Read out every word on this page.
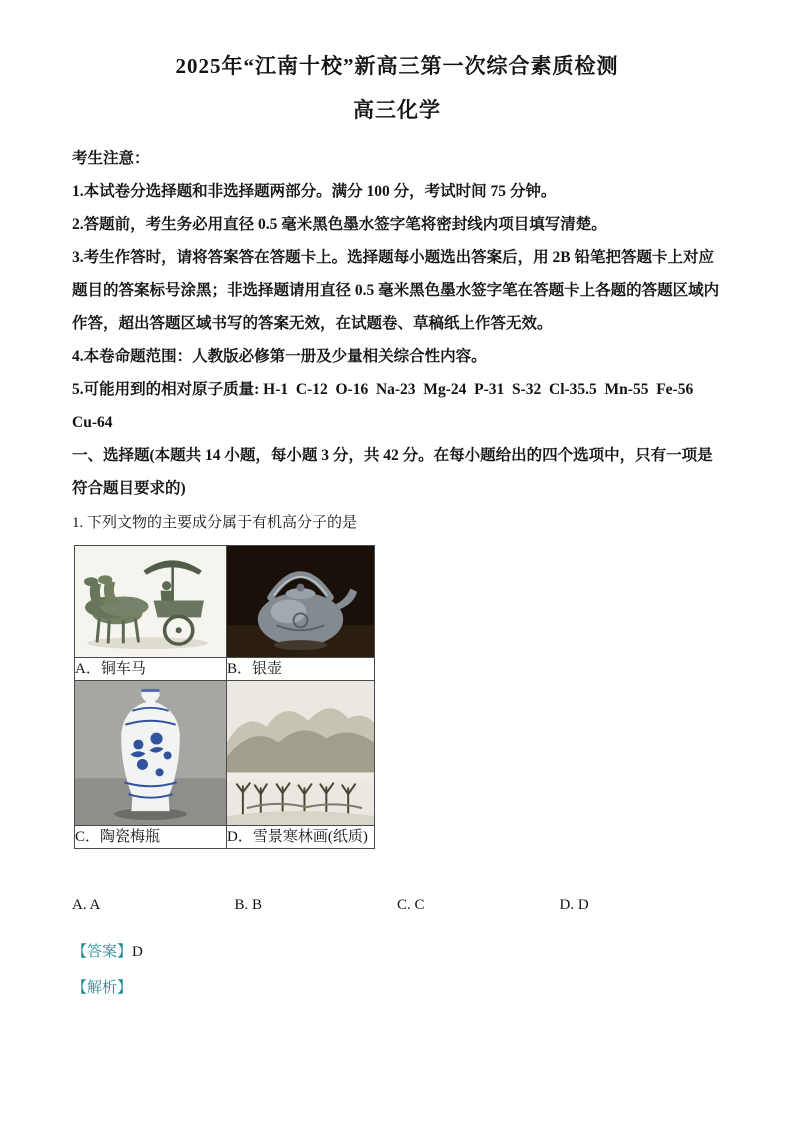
2025年“江南十校”新高三第一次综合素质检测
高三化学

考生注意：

1.本试卷分选择题和非选择题两部分。满分 100 分，考试时间 75 分钟。

2.答题前，考生务必用直径 0.5 毫米黑色墨水签字笔将密封线内项目填写清楚。

3.考生作答时，请将答案答在答题卡上。选择题每小题选出答案后，用 2B 铅笔把答题卡上对应题目的答案标号涂黑；非选择题请用直径 0.5 毫米黑色墨水签字笔在答题卡上各题的答题区域内作答，超出答题区域书写的答案无效，在试题卷、草稿纸上作答无效。

4.本卷命题范围：人教版必修第一册及少量相关综合性内容。

5.可能用到的相对原子质量: H-1  C-12  O-16  Na-23  Mg-24  P-31  S-32  Cl-35.5  Mn-55  Fe-56  Cu-64

一、选择题(本题共 14 小题，每小题 3 分，共 42 分。在每小题给出的四个选项中，只有一项是符合题目要求的)

1. 下列文物的主要成分属于有机高分子的是

A．铜车马	B．银壶

C．陶瓷梅瓶	D．雪景寒林画(纸质)
A. A	B. B	C. C	D. D

【答案】D

【解析】
